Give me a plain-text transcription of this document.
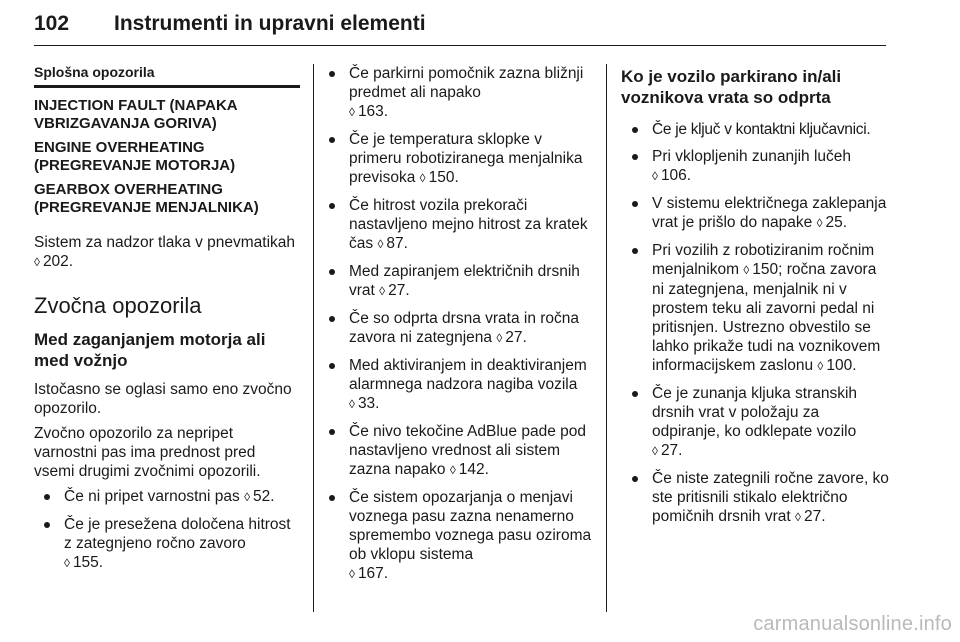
102 Instrumenti in upravni elementi
Splošna opozorila
INJECTION FAULT (NAPAKA VBRIZGAVANJA GORIVA)
ENGINE OVERHEATING (PREGREVANJE MOTORJA)
GEARBOX OVERHEATING (PREGREVANJE MENJALNIKA)

Sistem za nadzor tlaka v pnevmatikah ◊ 202.

Zvočna opozorila
Med zaganjanjem motorja ali med vožnjo

Istočasno se oglasi samo eno zvočno opozorilo.

Zvočno opozorilo za nepripet varnostni pas ima prednost pred vsemi drugimi zvočnimi opozorili.

Če ni pripet varnostni pas ◊ 52.
Če je presežena določena hitrost z zategnjeno ročno zavoro
◊ 155.
Če parkirni pomočnik zazna bližnji predmet ali napako
◊ 163.
Če je temperatura sklopke v primeru robotiziranega menjalnika previsoka ◊ 150.
Če hitrost vozila prekorači nastavljeno mejno hitrost za kratek čas ◊ 87.
Med zapiranjem električnih drsnih vrat ◊ 27.
Če so odprta drsna vrata in ročna zavora ni zategnjena ◊ 27.
Med aktiviranjem in deaktiviranjem alarmnega nadzora nagiba vozila ◊ 33.
Če nivo tekočine AdBlue pade pod nastavljeno vrednost ali sistem zazna napako ◊ 142.
Če sistem opozarjanja o menjavi voznega pasu zazna nenamerno spremembo voznega pasu oziroma ob vklopu sistema
◊ 167.
Ko je vozilo parkirano in/ali voznikova vrata so odprta
Če je ključ v kontaktni ključavnici.
Pri vklopljenih zunanjih lučeh
◊ 106.
V sistemu električnega zaklepanja vrat je prišlo do napake ◊ 25.
Pri vozilih z robotiziranim ročnim menjalnikom ◊ 150; ročna zavora ni zategnjena, menjalnik ni v prostem teku ali zavorni pedal ni pritisnjen. Ustrezno obvestilo se lahko prikaže tudi na voznikovem informacijskem zaslonu ◊ 100.
Če je zunanja kljuka stranskih drsnih vrat v položaju za odpiranje, ko odklepate vozilo
◊ 27.
Če niste zategnili ročne zavore, ko ste pritisnili stikalo električno pomičnih drsnih vrat ◊ 27.
carmanualsonline.info
